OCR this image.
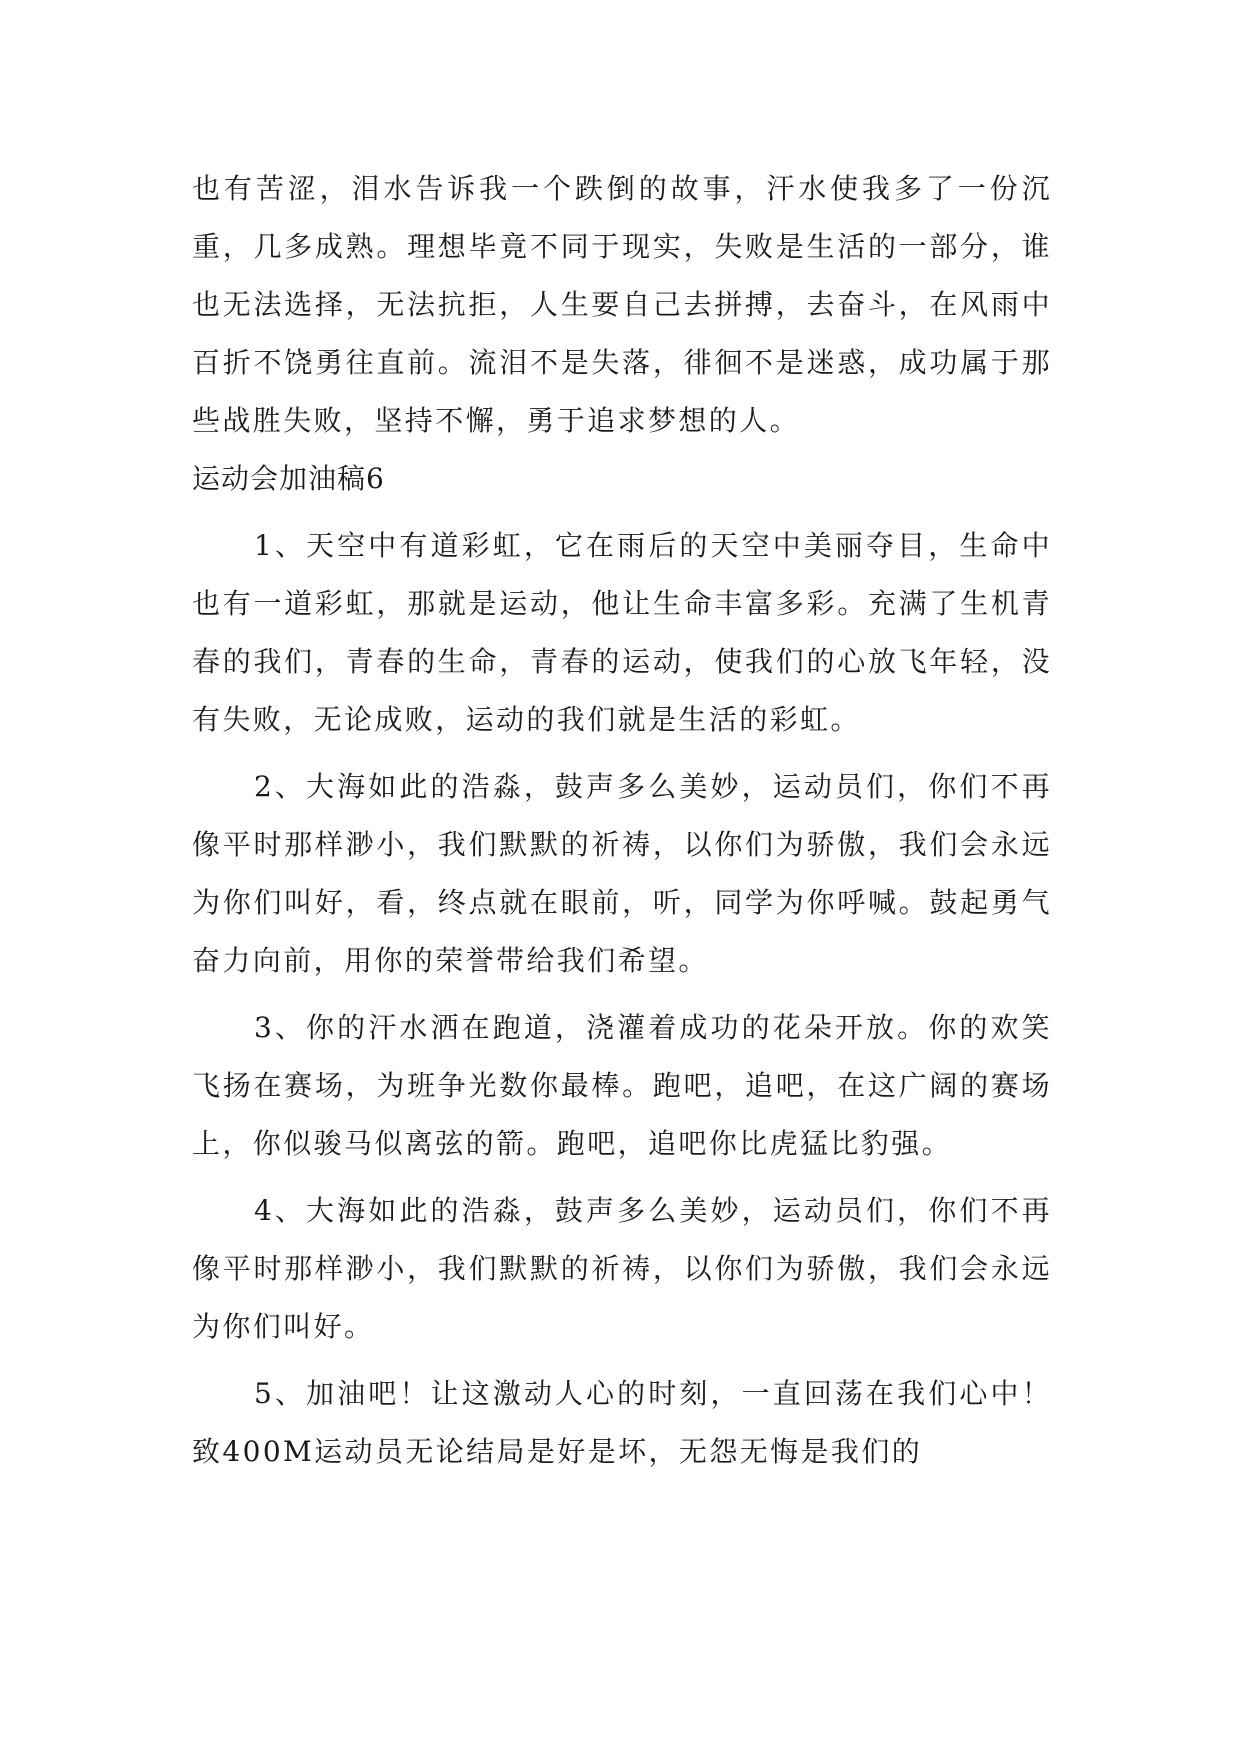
也有苦涩，泪水告诉我一个跌倒的故事，汗水使我多了一份沉重，几多成熟。理想毕竟不同于现实，失败是生活的一部分，谁也无法选择，无法抗拒，人生要自己去拼搏，去奋斗，在风雨中百折不饶勇往直前。流泪不是失落，徘徊不是迷惑，成功属于那些战胜失败，坚持不懈，勇于追求梦想的人。

运动会加油稿6

1、天空中有道彩虹，它在雨后的天空中美丽夺目，生命中也有一道彩虹，那就是运动，他让生命丰富多彩。充满了生机青春的我们，青春的生命，青春的运动，使我们的心放飞年轻，没有失败，无论成败，运动的我们就是生活的彩虹。

2、大海如此的浩淼，鼓声多么美妙，运动员们，你们不再像平时那样渺小，我们默默的祈祷，以你们为骄傲，我们会永远为你们叫好，看，终点就在眼前，听，同学为你呼喊。鼓起勇气奋力向前，用你的荣誉带给我们希望。

3、你的汗水洒在跑道，浇灌着成功的花朵开放。你的欢笑飞扬在赛场，为班争光数你最棒。跑吧，追吧，在这广阔的赛场上，你似骏马似离弦的箭。跑吧，追吧你比虎猛比豹强。

4、大海如此的浩淼，鼓声多么美妙，运动员们，你们不再像平时那样渺小，我们默默的祈祷，以你们为骄傲，我们会永远为你们叫好。

5、加油吧！让这激动人心的时刻，一直回荡在我们心中！致400M运动员无论结局是好是坏，无怨无悔是我们的
